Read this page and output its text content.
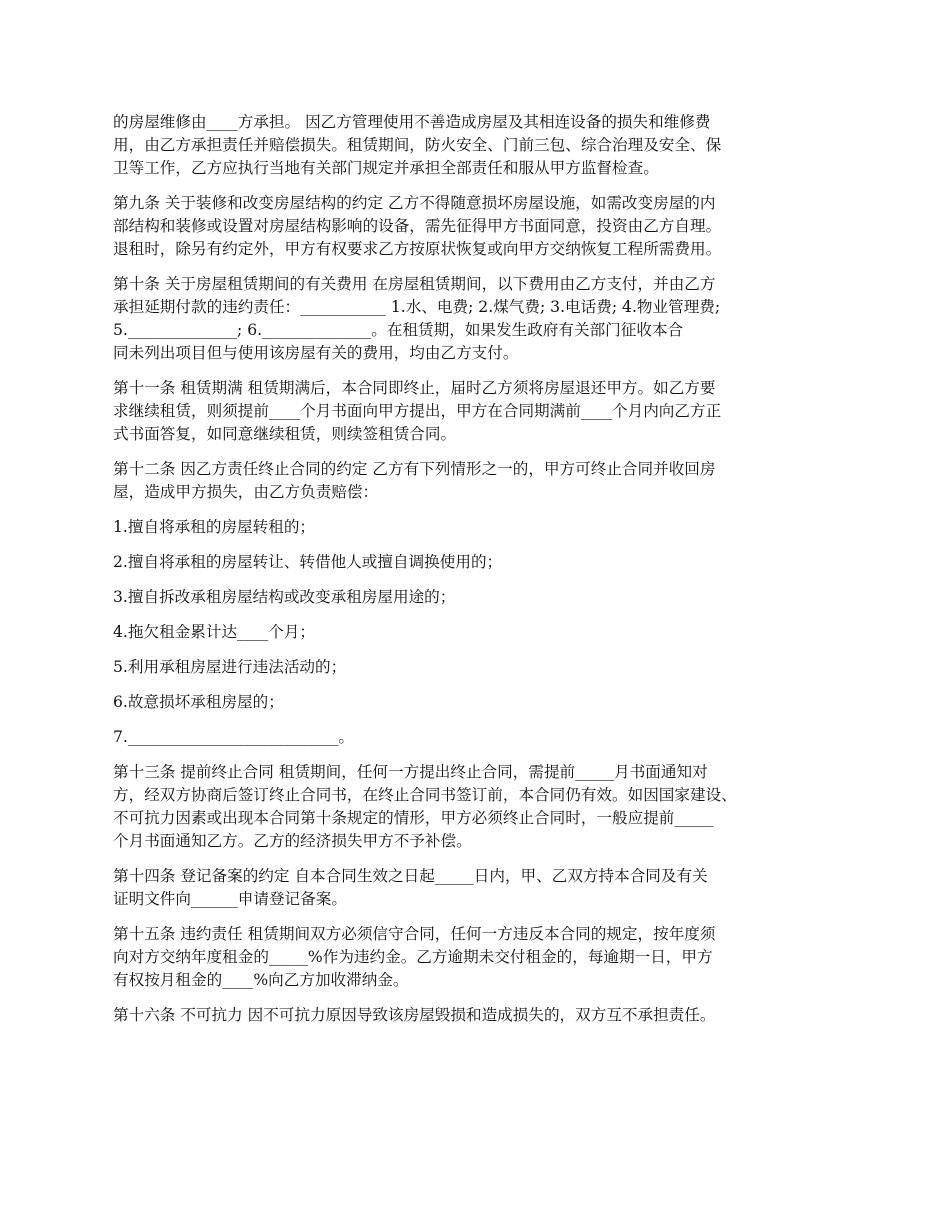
的房屋维修由____方承担。 因乙方管理使用不善造成房屋及其相连设备的损失和维修费
用，由乙方承担责任并赔偿损失。租赁期间，防火安全、门前三包、综合治理及安全、保
卫等工作，乙方应执行当地有关部门规定并承担全部责任和服从甲方监督检查。

第九条 关于装修和改变房屋结构的约定 乙方不得随意损坏房屋设施，如需改变房屋的内
部结构和装修或设置对房屋结构影响的设备，需先征得甲方书面同意，投资由乙方自理。
退租时，除另有约定外，甲方有权要求乙方按原状恢复或向甲方交纳恢复工程所需费用。

第十条 关于房屋租赁期间的有关费用 在房屋租赁期间，以下费用由乙方支付，并由乙方
承担延期付款的违约责任：___________ 1.水、电费; 2.煤气费; 3.电话费; 4.物业管理费;
5.______________; 6.______________。在租赁期，如果发生政府有关部门征收本合
同未列出项目但与使用该房屋有关的费用，均由乙方支付。

第十一条 租赁期满 租赁期满后，本合同即终止，届时乙方须将房屋退还甲方。如乙方要
求继续租赁，则须提前____个月书面向甲方提出，甲方在合同期满前____个月内向乙方正
式书面答复，如同意继续租赁，则续签租赁合同。

第十二条 因乙方责任终止合同的约定 乙方有下列情形之一的，甲方可终止合同并收回房
屋，造成甲方损失，由乙方负责赔偿：

1.擅自将承租的房屋转租的；

2.擅自将承租的房屋转让、转借他人或擅自调换使用的；

3.擅自拆改承租房屋结构或改变承租房屋用途的；

4.拖欠租金累计达____个月；

5.利用承租房屋进行违法活动的；

6.故意损坏承租房屋的；

7.___________________________。

第十三条 提前终止合同 租赁期间，任何一方提出终止合同，需提前_____月书面通知对
方，经双方协商后签订终止合同书，在终止合同书签订前，本合同仍有效。如因国家建设、
不可抗力因素或出现本合同第十条规定的情形，甲方必须终止合同时，一般应提前_____
个月书面通知乙方。乙方的经济损失甲方不予补偿。

第十四条 登记备案的约定 自本合同生效之日起_____日内，甲、乙双方持本合同及有关
证明文件向______申请登记备案。

第十五条 违约责任 租赁期间双方必须信守合同，任何一方违反本合同的规定，按年度须
向对方交纳年度租金的_____%作为违约金。乙方逾期未交付租金的，每逾期一日，甲方
有权按月租金的____%向乙方加收滞纳金。

第十六条 不可抗力 因不可抗力原因导致该房屋毁损和造成损失的，双方互不承担责任。
